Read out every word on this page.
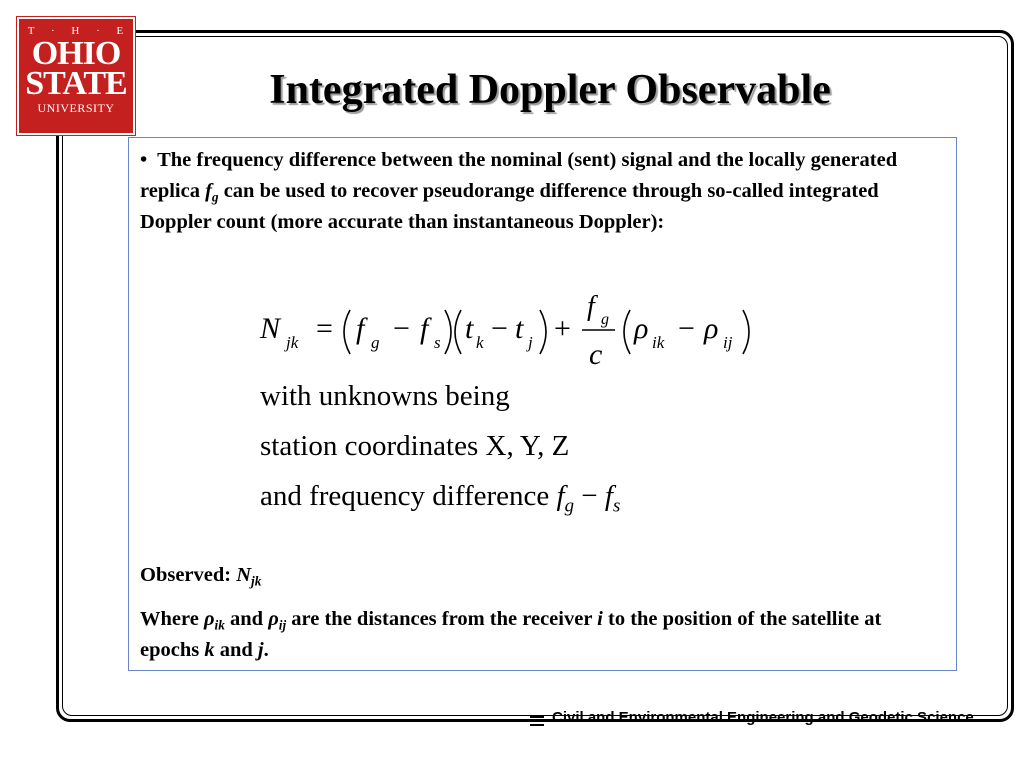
T · H · E
OHIO
STATE
UNIVERSITY	Integrated Doppler Observable
• The frequency difference between the nominal (sent) signal and the locally generated replica $f_g$ can be used to recover pseudorange difference through so-called integrated Doppler count (more accurate than instantaneous Doppler):
N jk = f g − f s t k − t j +
f g
c
ρ ik − ρ ij
with unknowns being
station coordinates X, Y, Z
and frequency difference $f_g - f_s$
Observed: $N_{jk}$
Where $\rho_{ik}$ and $\rho_{ij}$ are the distances from the receiver i to the position of the satellite at epochs k and j.
Civil and Environmental Engineering and Geodetic Science
